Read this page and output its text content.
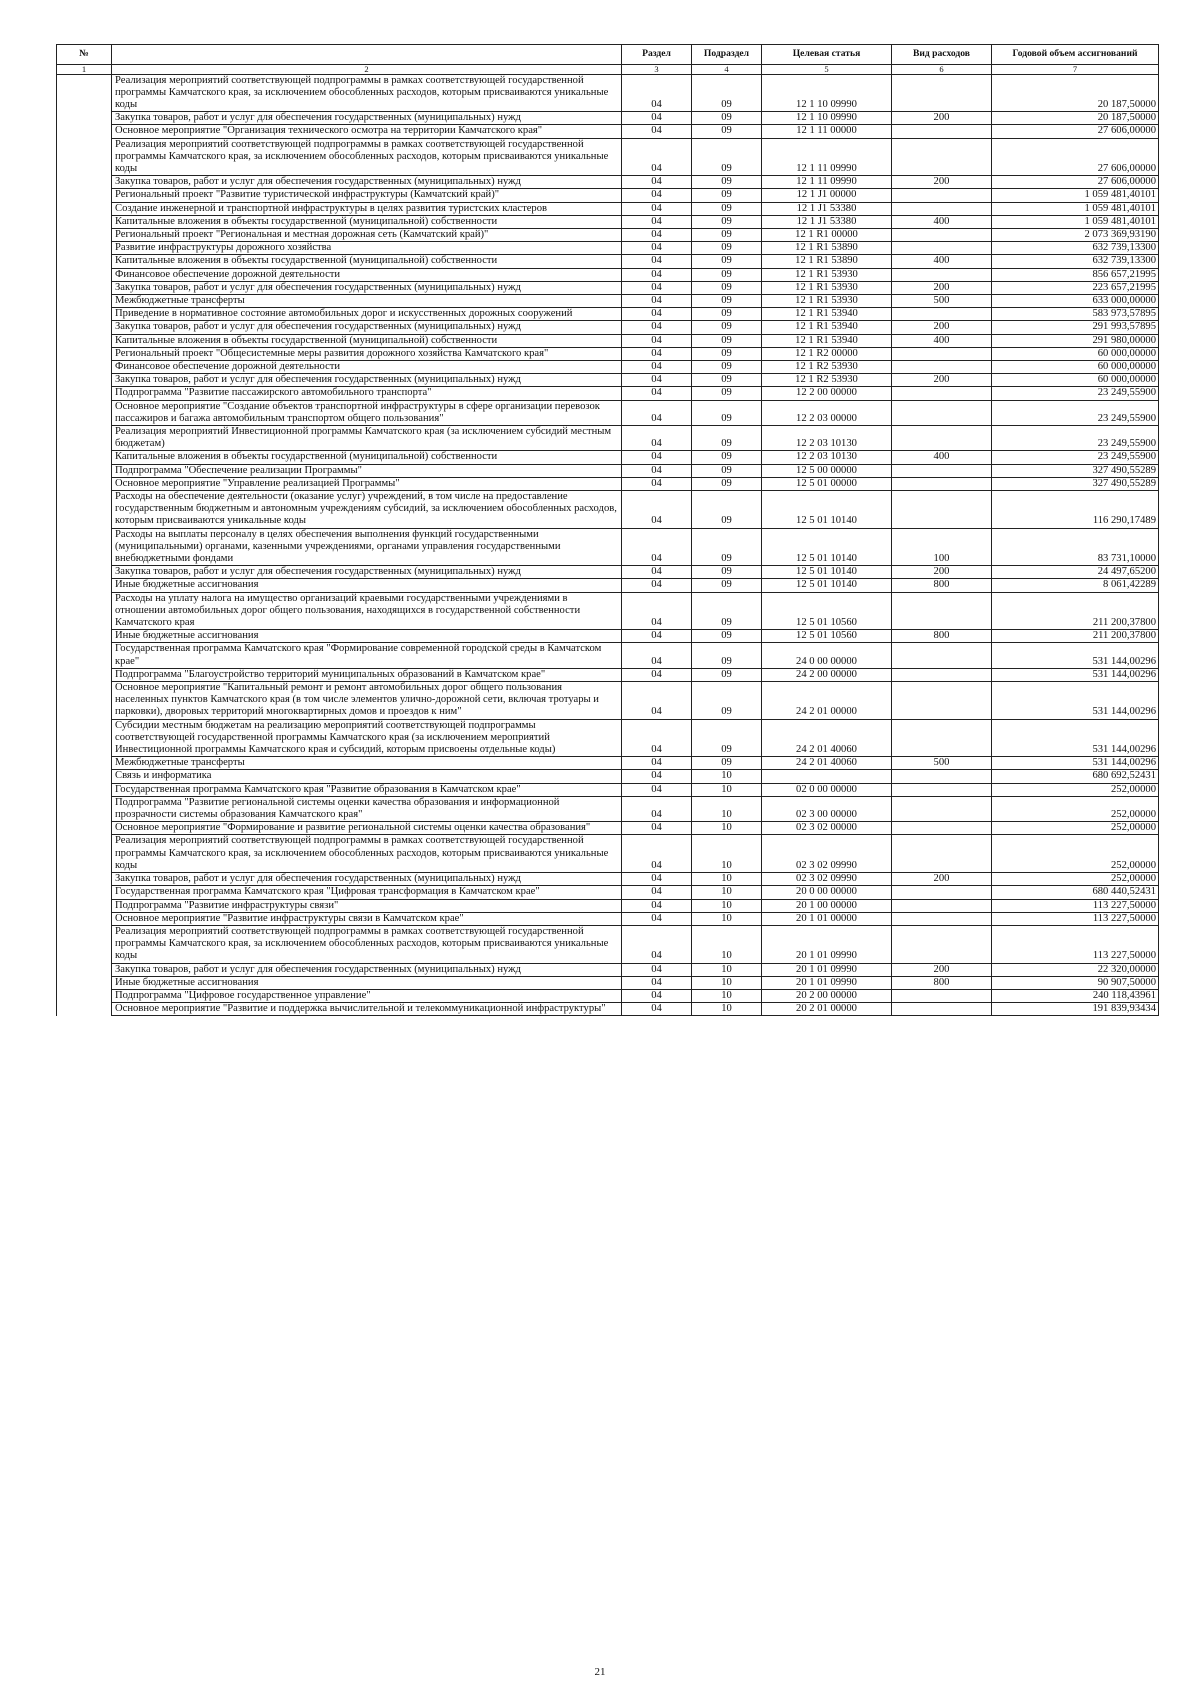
№		Раздел	Подраздел	Целевая статья	Вид расходов	Годовой объем ассигнований
1	2	3	4	5	6	7
	Реализация мероприятий соответствующей подпрограммы в рамках соответствующей государственной программы Камчатского края, за исключением обособленных расходов, которым присваиваются уникальные коды	04	09	12 1 10 09990		20 187,50000
	Закупка товаров, работ и услуг для обеспечения государственных (муниципальных) нужд	04	09	12 1 10 09990	200	20 187,50000
	Основное мероприятие "Организация технического осмотра на территории Камчатского края"	04	09	12 1 11 00000		27 606,00000
	Реализация мероприятий соответствующей подпрограммы в рамках соответствующей государственной программы Камчатского края, за исключением обособленных расходов, которым присваиваются уникальные коды	04	09	12 1 11 09990		27 606,00000
	Закупка товаров, работ и услуг для обеспечения государственных (муниципальных) нужд	04	09	12 1 11 09990	200	27 606,00000
	Региональный проект "Развитие туристической инфраструктуры (Камчатский край)"	04	09	12 1 J1 00000		1 059 481,40101
	Создание инженерной и транспортной инфраструктуры в целях развития туристских кластеров	04	09	12 1 J1 53380		1 059 481,40101
	Капитальные вложения в объекты государственной (муниципальной) собственности	04	09	12 1 J1 53380	400	1 059 481,40101
	Региональный проект "Региональная и местная дорожная сеть (Камчатский край)"	04	09	12 1 R1 00000		2 073 369,93190
	Развитие инфраструктуры дорожного хозяйства	04	09	12 1 R1 53890		632 739,13300
	Капитальные вложения в объекты государственной (муниципальной) собственности	04	09	12 1 R1 53890	400	632 739,13300
	Финансовое обеспечение дорожной деятельности	04	09	12 1 R1 53930		856 657,21995
	Закупка товаров, работ и услуг для обеспечения государственных (муниципальных) нужд	04	09	12 1 R1 53930	200	223 657,21995
	Межбюджетные трансферты	04	09	12 1 R1 53930	500	633 000,00000
	Приведение в нормативное состояние автомобильных дорог и искусственных дорожных сооружений	04	09	12 1 R1 53940		583 973,57895
	Закупка товаров, работ и услуг для обеспечения государственных (муниципальных) нужд	04	09	12 1 R1 53940	200	291 993,57895
	Капитальные вложения в объекты государственной (муниципальной) собственности	04	09	12 1 R1 53940	400	291 980,00000
	Региональный проект "Общесистемные меры развития дорожного хозяйства Камчатского края"	04	09	12 1 R2 00000		60 000,00000
	Финансовое обеспечение дорожной деятельности	04	09	12 1 R2 53930		60 000,00000
	Закупка товаров, работ и услуг для обеспечения государственных (муниципальных) нужд	04	09	12 1 R2 53930	200	60 000,00000
	Подпрограмма "Развитие пассажирского автомобильного транспорта"	04	09	12 2 00 00000		23 249,55900
	Основное мероприятие "Создание объектов транспортной инфраструктуры в сфере организации перевозок пассажиров и багажа автомобильным транспортом общего пользования"	04	09	12 2 03 00000		23 249,55900
	Реализация мероприятий Инвестиционной программы Камчатского края (за исключением субсидий местным бюджетам)	04	09	12 2 03 10130		23 249,55900
	Капитальные вложения в объекты государственной (муниципальной) собственности	04	09	12 2 03 10130	400	23 249,55900
	Подпрограмма "Обеспечение реализации Программы"	04	09	12 5 00 00000		327 490,55289
	Основное мероприятие "Управление реализацией Программы"	04	09	12 5 01 00000		327 490,55289
	Расходы на обеспечение деятельности (оказание услуг) учреждений, в том числе на предоставление государственным бюджетным и автономным учреждениям субсидий, за исключением обособленных расходов, которым присваиваются уникальные коды	04	09	12 5 01 10140		116 290,17489
	Расходы на выплаты персоналу в целях обеспечения выполнения функций государственными (муниципальными) органами, казенными учреждениями, органами управления государственными внебюджетными фондами	04	09	12 5 01 10140	100	83 731,10000
	Закупка товаров, работ и услуг для обеспечения государственных (муниципальных) нужд	04	09	12 5 01 10140	200	24 497,65200
	Иные бюджетные ассигнования	04	09	12 5 01 10140	800	8 061,42289
	Расходы на уплату налога на имущество организаций краевыми государственными учреждениями в отношении автомобильных дорог общего пользования, находящихся в государственной собственности Камчатского края	04	09	12 5 01 10560		211 200,37800
	Иные бюджетные ассигнования	04	09	12 5 01 10560	800	211 200,37800
	Государственная программа Камчатского края "Формирование современной городской среды в Камчатском крае"	04	09	24 0 00 00000		531 144,00296
	Подпрограмма "Благоустройство территорий муниципальных образований в Камчатском крае"	04	09	24 2 00 00000		531 144,00296
	Основное мероприятие "Капитальный ремонт и ремонт автомобильных дорог общего пользования населенных пунктов Камчатского края (в том числе элементов улично-дорожной сети, включая тротуары и парковки), дворовых территорий многоквартирных домов и проездов к ним"	04	09	24 2 01 00000		531 144,00296
	Субсидии местным бюджетам на реализацию мероприятий соответствующей подпрограммы соответствующей государственной программы Камчатского края (за исключением мероприятий Инвестиционной программы Камчатского края и субсидий, которым присвоены отдельные коды)	04	09	24 2 01 40060		531 144,00296
	Межбюджетные трансферты	04	09	24 2 01 40060	500	531 144,00296
	Связь и информатика	04	10			680 692,52431
	Государственная программа Камчатского края "Развитие образования в Камчатском крае"	04	10	02 0 00 00000		252,00000
	Подпрограмма "Развитие региональной системы оценки качества образования и информационной прозрачности системы образования Камчатского края"	04	10	02 3 00 00000		252,00000
	Основное мероприятие "Формирование и развитие региональной системы оценки качества образования"	04	10	02 3 02 00000		252,00000
	Реализация мероприятий соответствующей подпрограммы в рамках соответствующей государственной программы Камчатского края, за исключением обособленных расходов, которым присваиваются уникальные коды	04	10	02 3 02 09990		252,00000
	Закупка товаров, работ и услуг для обеспечения государственных (муниципальных) нужд	04	10	02 3 02 09990	200	252,00000
	Государственная программа Камчатского края "Цифровая трансформация в Камчатском крае"	04	10	20 0 00 00000		680 440,52431
	Подпрограмма "Развитие инфраструктуры связи"	04	10	20 1 00 00000		113 227,50000
	Основное мероприятие "Развитие инфраструктуры связи в Камчатском крае"	04	10	20 1 01 00000		113 227,50000
	Реализация мероприятий соответствующей подпрограммы в рамках соответствующей государственной программы Камчатского края, за исключением обособленных расходов, которым присваиваются уникальные коды	04	10	20 1 01 09990		113 227,50000
	Закупка товаров, работ и услуг для обеспечения государственных (муниципальных) нужд	04	10	20 1 01 09990	200	22 320,00000
	Иные бюджетные ассигнования	04	10	20 1 01 09990	800	90 907,50000
	Подпрограмма "Цифровое государственное управление"	04	10	20 2 00 00000		240 118,43961
	Основное мероприятие "Развитие и поддержка вычислительной и телекоммуникационной инфраструктуры"	04	10	20 2 01 00000		191 839,93434
21
